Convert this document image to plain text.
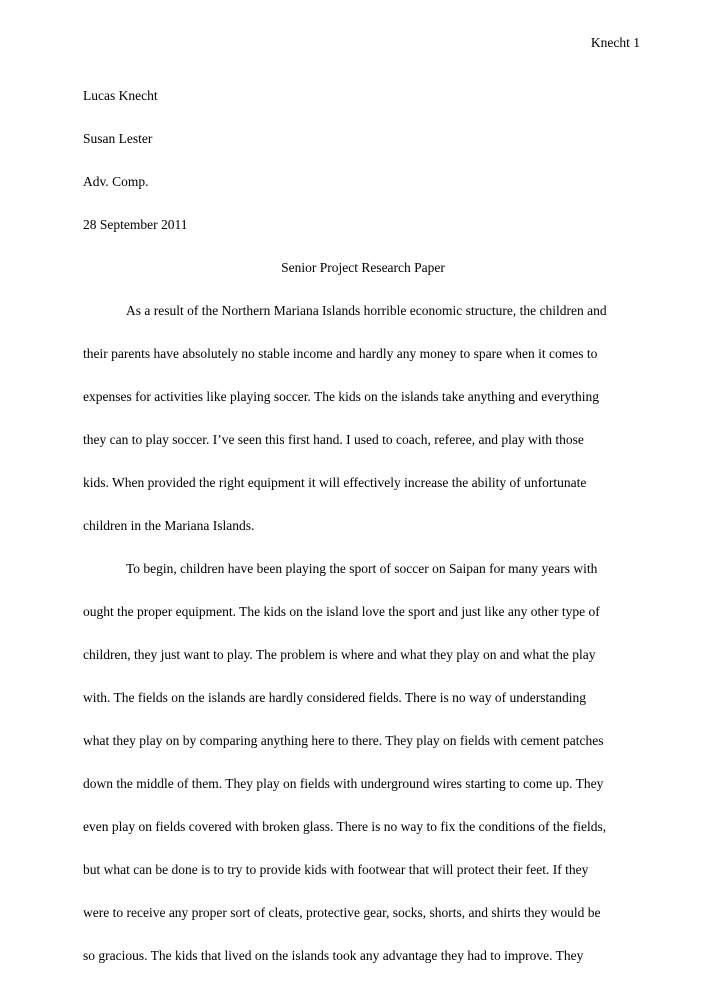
Knecht 1
Lucas Knecht
Susan Lester
Adv. Comp.
28 September 2011
Senior Project Research Paper
As a result of the Northern Mariana Islands horrible economic structure, the children and
their parents have absolutely no stable income and hardly any money to spare when it comes to
expenses for activities like playing soccer. The kids on the islands take anything and everything
they can to play soccer. I’ve seen this first hand. I used to coach, referee, and play with those
kids. When provided the right equipment it will effectively increase the ability of unfortunate
children in the Mariana Islands.
To begin, children have been playing the sport of soccer on Saipan for many years with
ought the proper equipment. The kids on the island love the sport and just like any other type of
children, they just want to play. The problem is where and what they play on and what the play
with. The fields on the islands are hardly considered fields. There is no way of understanding
what they play on by comparing anything here to there. They play on fields with cement patches
down the middle of them. They play on fields with underground wires starting to come up. They
even play on fields covered with broken glass. There is no way to fix the conditions of the fields,
but what can be done is to try to provide kids with footwear that will protect their feet. If they
were to receive any proper sort of cleats, protective gear, socks, shorts, and shirts they would be
so gracious. The kids that lived on the islands took any advantage they had to improve. They
